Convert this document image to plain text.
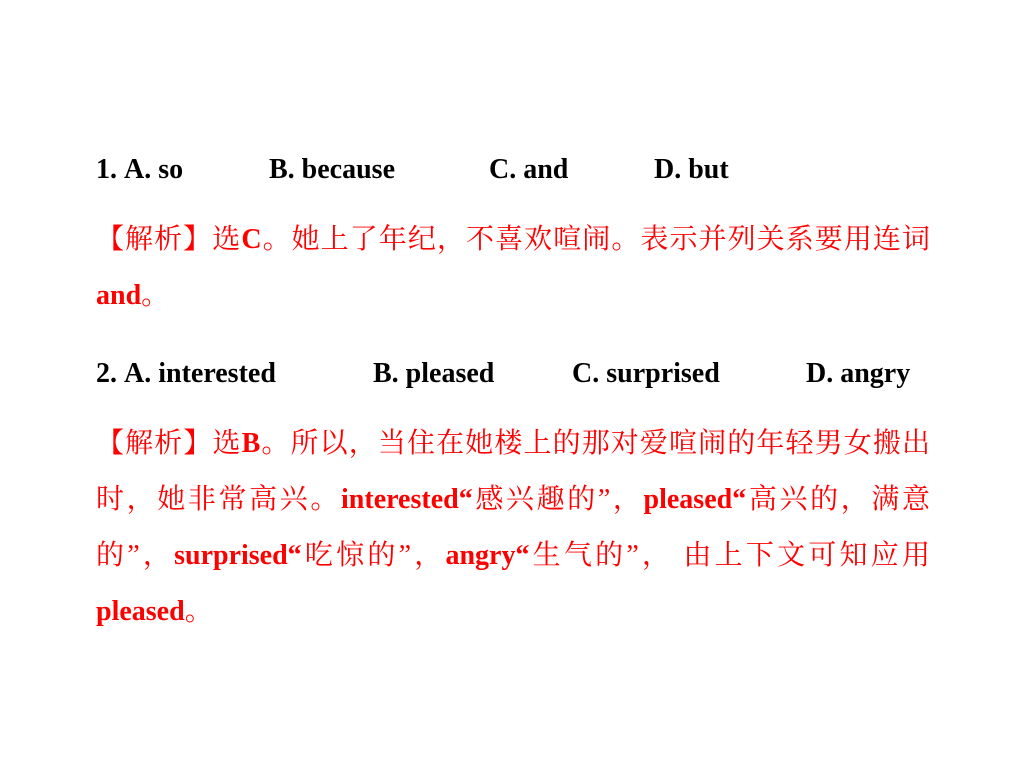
1. A. so	B. because	C. and	D. but
【解析】选C。她上了年纪，不喜欢喧闹。表示并列关系要用连词and。
2. A. interested	B. pleased	C. surprised	D. angry
【解析】选B。所以，当住在她楼上的那对爱喧闹的年轻男女搬出时，她非常高兴。interested“感兴趣的”，pleased“高兴的，满意的”，surprised“吃惊的”，angry“生气的”， 由上下文可知应用pleased。
